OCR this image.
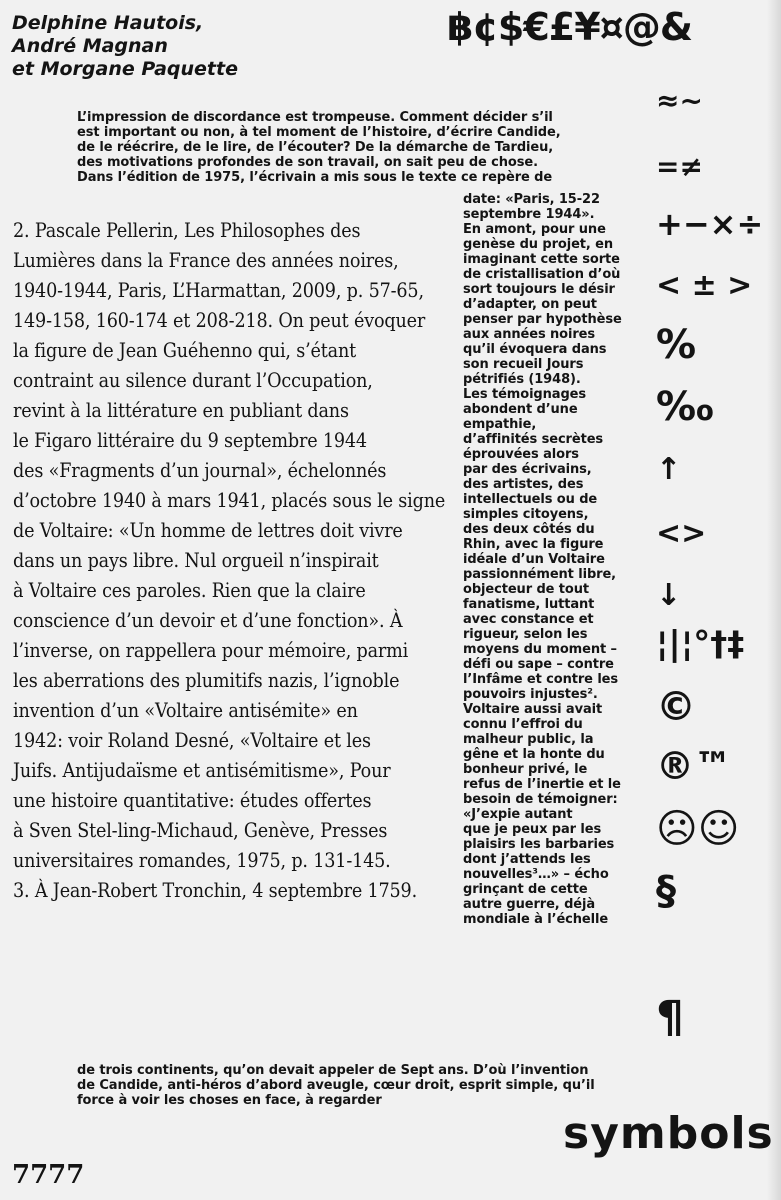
Delphine Hautois,
André Magnan
et Morgane Paquette
฿¢$€£¥¤@&
L’impression de discordance est trompeuse. Comment décider s’il
est important ou non, à tel moment de l’histoire, d’écrire Candide,
de le réécrire, de le lire, de l’écouter? De la démarche de Tardieu,
des motivations profondes de son travail, on sait peu de chose.
Dans l’édition de 1975, l’écrivain a mis sous le texte ce repère de
date: «Paris, 15-22
septembre 1944».
En amont, pour une
genèse du projet, en
imaginant cette sorte
de cristallisation d’où
sort toujours le désir
d’adapter, on peut
penser par hypothèse
aux années noires
qu’il évoquera dans
son recueil Jours
pétrifiés (1948).
Les témoignages
abondent d’une
empathie,
d’affinités secrètes
éprouvées alors
par des écrivains,
des artistes, des
intellectuels ou de
simples citoyens,
des deux côtés du
Rhin, avec la figure
idéale d’un Voltaire
passionnément libre,
objecteur de tout
fanatisme, luttant
avec constance et
rigueur, selon les
moyens du moment –
défi ou sape – contre
l’Infâme et contre les
pouvoirs injustes².
Voltaire aussi avait
connu l’effroi du
malheur public, la
gêne et la honte du
bonheur privé, le
refus de l’inertie et le
besoin de témoigner:
«J’expie autant
que je peux par les
plaisirs les barbaries
dont j’attends les
nouvelles³…» – écho
grinçant de cette
autre guerre, déjà
mondiale à l’échelle
2. Pascale Pellerin, Les Philosophes des
Lumières dans la France des années noires,
1940-1944, Paris, L’Harmattan, 2009, p. 57-65,
149-158, 160-174 et 208-218. On peut évoquer
la figure de Jean Guéhenno qui, s’étant
contraint au silence durant l’Occupation,
revint à la littérature en publiant dans
le Figaro littéraire du 9 septembre 1944
des «Fragments d’un journal», échelonnés
d’octobre 1940 à mars 1941, placés sous le signe
de Voltaire: «Un homme de lettres doit vivre
dans un pays libre. Nul orgueil n’inspirait
à Voltaire ces paroles. Rien que la claire
conscience d’un devoir et d’une fonction». À
l’inverse, on rappellera pour mémoire, parmi
les aberrations des plumitifs nazis, l’ignoble
invention d’un «Voltaire antisémite» en
1942: voir Roland Desné, «Voltaire et les
Juifs. Antijudaïsme et antisémitisme», Pour
une histoire quantitative: études offertes
à Sven Stel-ling-Michaud, Genève, Presses
universitaires romandes, 1975, p. 131-145.
3. À Jean-Robert Tronchin, 4 septembre 1759.
de trois continents, qu’on devait appeler de Sept ans. D’où l’invention
de Candide, anti-héros d’abord aveugle, cœur droit, esprit simple, qu’il
force à voir les choses en face, à regarder
≈~
=≠
+−×÷
< ± >
%
‰
↑
<>
↓
¦|¦°†‡
©
®™
☹☺
§
¶
symbols
7777
